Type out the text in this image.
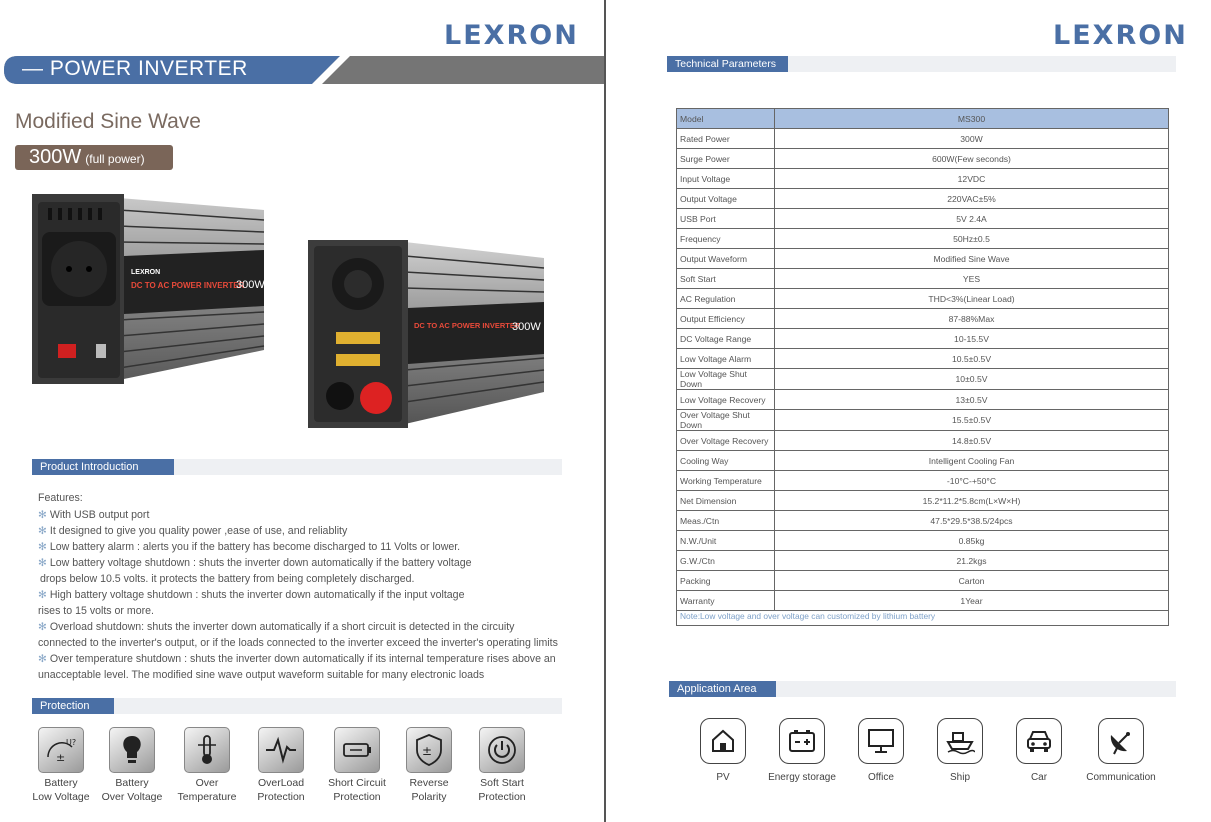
LEXRON
— POWER INVERTER
Modified Sine Wave
300W (full power)
LEXRON
DC TO AC POWER INVERTER
300W
DC TO AC POWER INVERTER
300W
Product Introduction
Features:
✻ With USB output port
✻ It designed to give you quality power ,ease of use, and reliablity
✻ Low battery alarm : alerts you if the battery has become discharged to 11 Volts or lower.
✻ Low battery voltage shutdown : shuts the inverter down automatically if the battery voltage
drops below 10.5 volts. it protects the battery from being completely discharged.
✻ High battery voltage shutdown : shuts the inverter down automatically if the input voltage
rises to 15 volts or more.
✻ Overload shutdown: shuts the inverter down automatically if a short circuit is detected in the circuity
connected to the inverter's output, or if the loads connected to the inverter exceed the inverter's operating limits
✻ Over temperature shutdown : shuts the inverter down automatically if its internal temperature rises above an
unacceptable level. The modified sine wave output waveform suitable for many electronic loads
Protection
±
U?
Battery
Low Voltage
Battery
Over Voltage
Over
Temperature
OverLoad
Protection
Short Circuit
Protection
±
Reverse
Polarity
Soft Start
Protection
LEXRON
Technical Parameters
Model	MS300
Rated Power	300W
Surge Power	600W(Few seconds)
Input Voltage	12VDC
Output Voltage	220VAC±5%
USB Port	5V 2.4A
Frequency	50Hz±0.5
Output Waveform	Modified Sine Wave
Soft Start	YES
AC Regulation	THD<3%(Linear Load)
Output Efficiency	87-88%Max
DC Voltage Range	10-15.5V
Low Voltage Alarm	10.5±0.5V
Low Voltage Shut Down	10±0.5V
Low Voltage Recovery	13±0.5V
Over Voltage Shut Down	15.5±0.5V
Over Voltage Recovery	14.8±0.5V
Cooling Way	Intelligent Cooling Fan
Working Temperature	-10°C-+50°C
Net Dimension	15.2*11.2*5.8cm(L×W×H)
Meas./Ctn	47.5*29.5*38.5/24pcs
N.W./Unit	0.85kg
G.W./Ctn	21.2kgs
Packing	Carton
Warranty	1Year
Note:Low voltage and over voltage can customized by lithium battery
Application Area
PV	Energy storage	Office	Ship	Car	Communication
